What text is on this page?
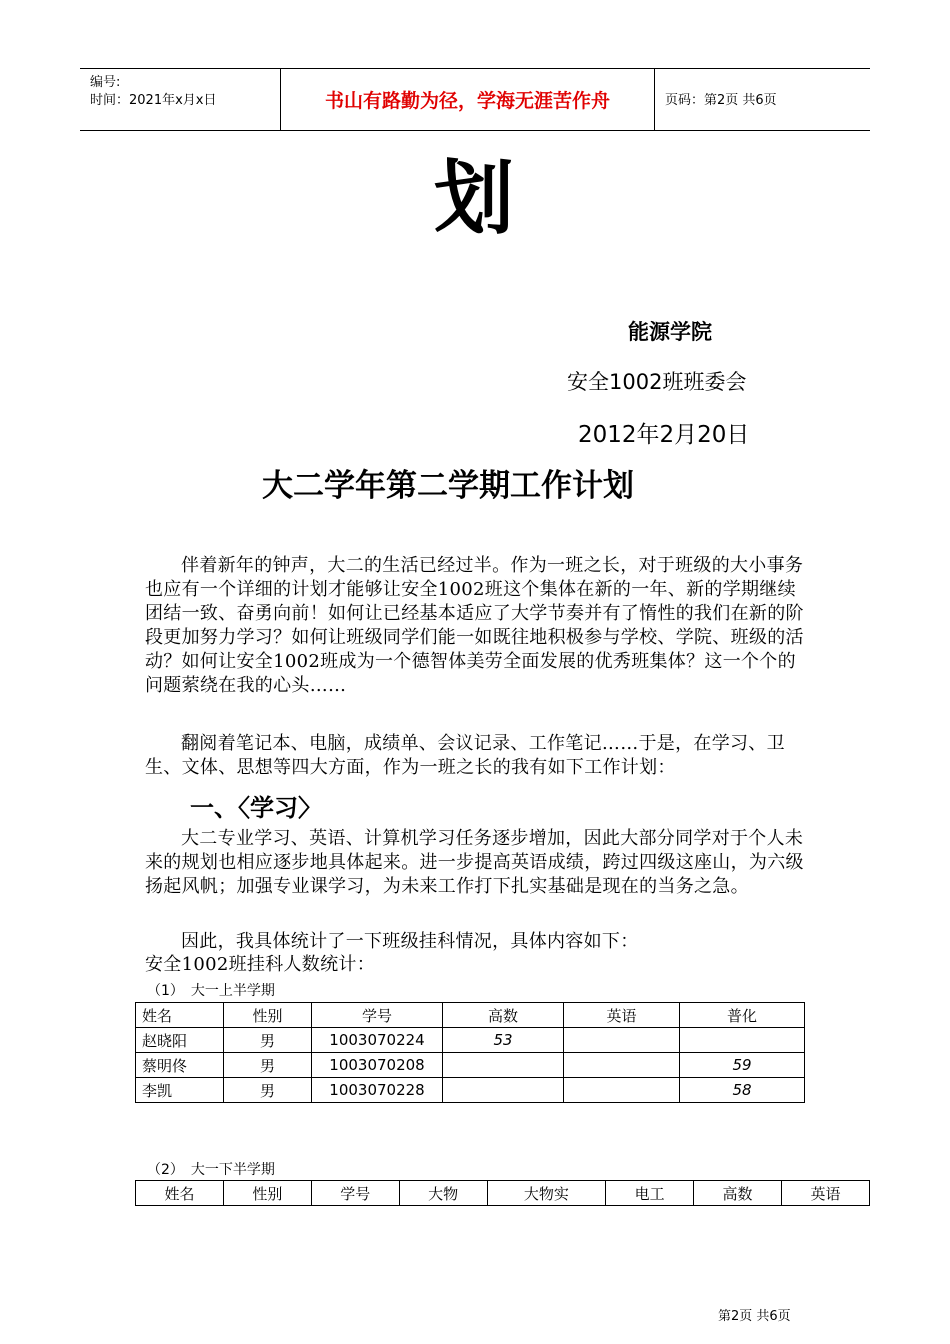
编号:
时间：2021年x月x日	书山有路勤为径，学海无涯苦作舟	页码：第2页 共6页
划
能源学院
安全1002班班委会
2012年2月20日
大二学年第二学期工作计划
伴着新年的钟声，大二的生活已经过半。作为一班之长，对于班级的大小事务也应有一个详细的计划才能够让安全1002班这个集体在新的一年、新的学期继续团结一致、奋勇向前！如何让已经基本适应了大学节奏并有了惰性的我们在新的阶段更加努力学习？如何让班级同学们能一如既往地积极参与学校、学院、班级的活动？如何让安全1002班成为一个德智体美劳全面发展的优秀班集体？这一个个的问题萦绕在我的心头……
翻阅着笔记本、电脑，成绩单、会议记录、工作笔记……于是，在学习、卫生、文体、思想等四大方面，作为一班之长的我有如下工作计划：
一、〈学习〉
大二专业学习、英语、计算机学习任务逐步增加，因此大部分同学对于个人未来的规划也相应逐步地具体起来。进一步提高英语成绩，跨过四级这座山，为六级扬起风帆；加强专业课学习，为未来工作打下扎实基础是现在的当务之急。
因此，我具体统计了一下班级挂科情况，具体内容如下：
安全1002班挂科人数统计：
（1）　大一上半学期
姓名	性别	学号	高数	英语	普化
赵晓阳	男	1003070224	53		
蔡明佟	男	1003070208			59
李凯	男	1003070228			58
（2）　大一下半学期
姓名	性别	学号	大物	大物实	电工	高数	英语
第2页 共6页
